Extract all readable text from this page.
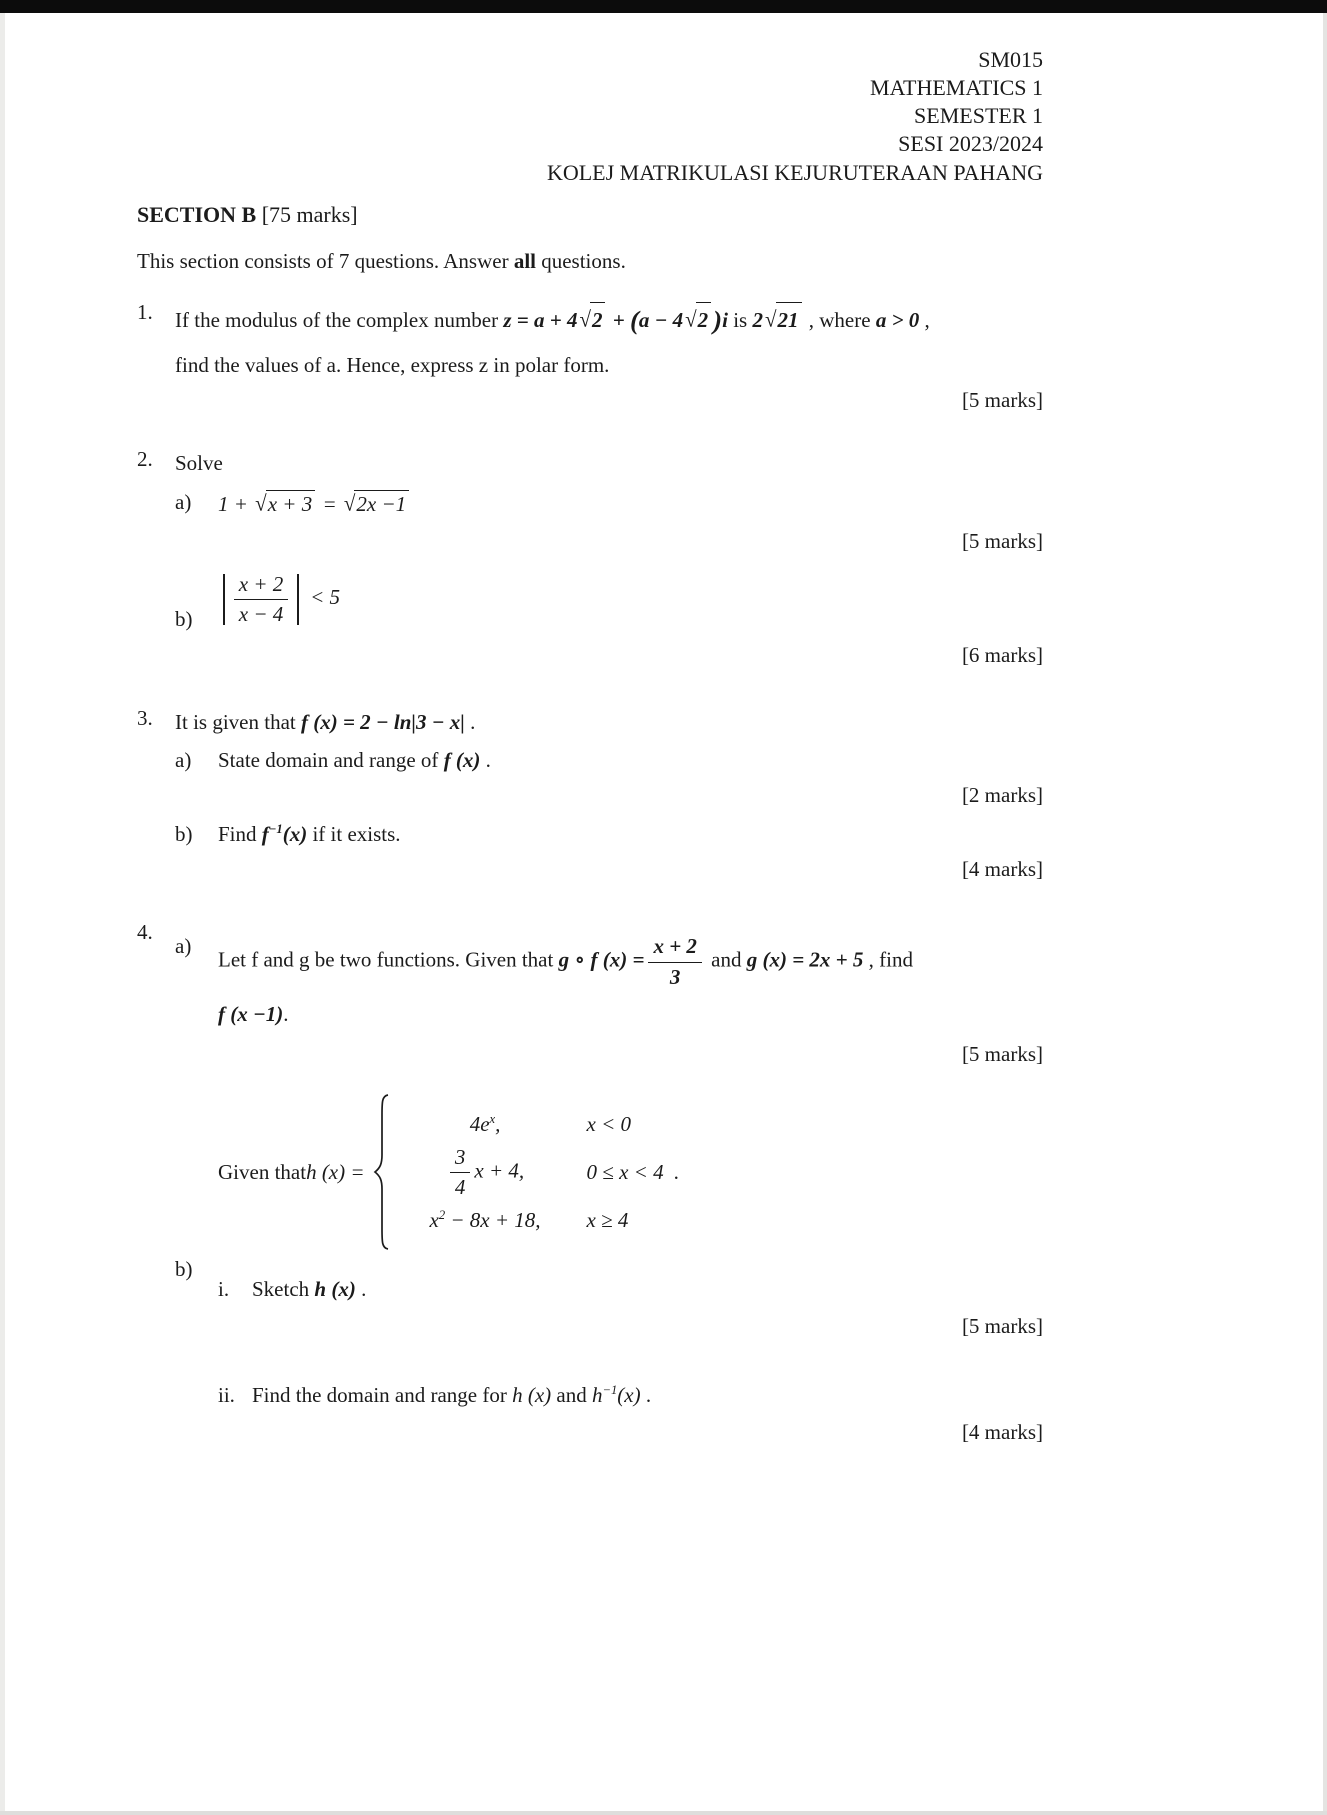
SM015
MATHEMATICS 1
SEMESTER 1
SESI 2023/2024
KOLEJ MATRIKULASI KEJURUTERAAN PAHANG

SECTION B [75 marks]

This section consists of 7 questions. Answer all questions.

1.	If the modulus of the complex number z = a + 4√2 + (a − 4√2 )i is 2√21 , where a > 0 ,

find the values of a. Hence, express z in polar form.

[5 marks]

2.	Solve

a)	1 + √x + 3 = √2x −1

[5 marks]

b)	$\frac{x + 2}{x - 4} < 5$

[6 marks]

3.	It is given that f (x) = 2 − ln|3 − x| .

a)	State domain and range of f (x) .

[2 marks]

b)	Find $f^{-1}(x)$ if it exists.

[4 marks]

4.
a)

Let f and g be two functions. Given that g ∘ f $(x) = \frac{x + 2}{3}$ and g (x) = 2x + 5 , find

f (x −1).

[5 marks]

b)
Given that h (x) =
$4e^x$,	x < 0
$\frac{3}{4}$ x + 4,	0 ≤ x < 4
$x^2 - 8x + 18$,	x ≥ 4
.
i.	Sketch h (x) .

[5 marks]

ii. Find the domain and range for h (x) and $h^{-1}(x)$ .

[4 marks]
